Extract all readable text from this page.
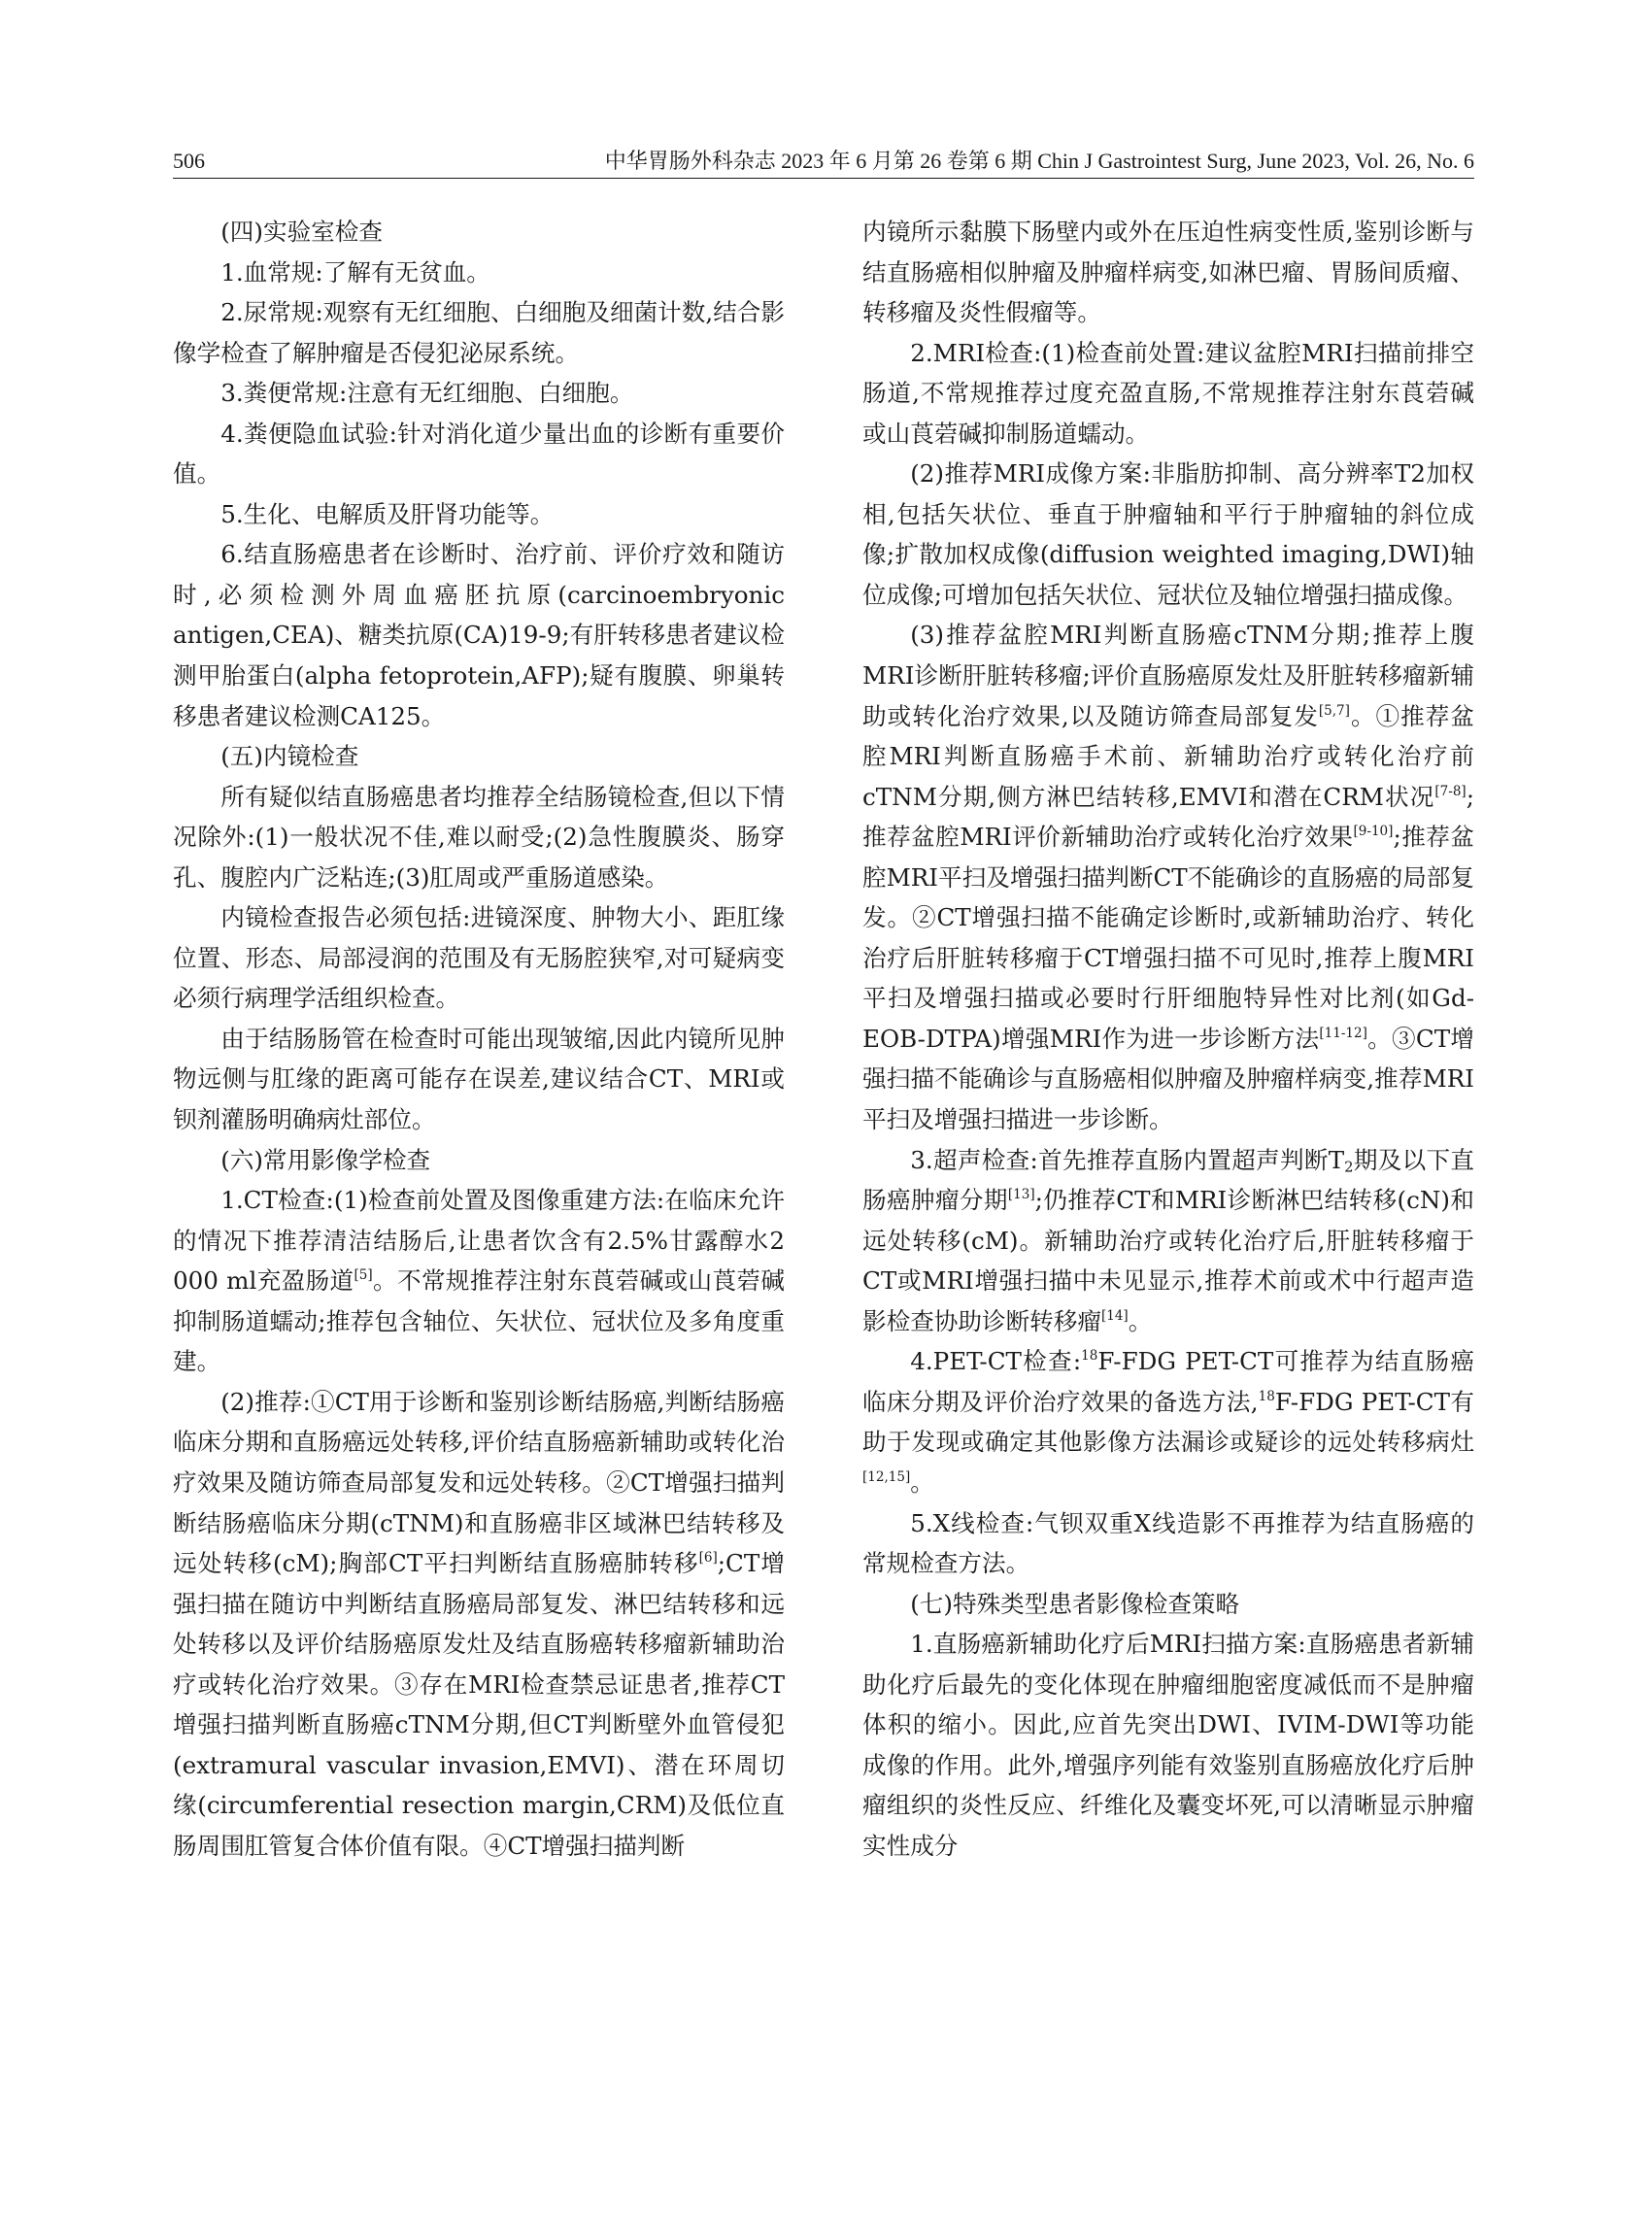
506	中华胃肠外科杂志 2023 年 6 月第 26 卷第 6 期 Chin J Gastrointest Surg, June 2023, Vol. 26, No. 6

(四)实验室检查

1.血常规:了解有无贫血。

2.尿常规:观察有无红细胞、白细胞及细菌计数,结合影像学检查了解肿瘤是否侵犯泌尿系统。

3.粪便常规:注意有无红细胞、白细胞。

4.粪便隐血试验:针对消化道少量出血的诊断有重要价值。

5.生化、电解质及肝肾功能等。

6.结直肠癌患者在诊断时、治疗前、评价疗效和随访时,必须检测外周血癌胚抗原(carcinoembryonic antigen,CEA)、糖类抗原(CA)19-9;有肝转移患者建议检测甲胎蛋白(alpha fetoprotein,AFP);疑有腹膜、卵巢转移患者建议检测CA125。

(五)内镜检查

所有疑似结直肠癌患者均推荐全结肠镜检查,但以下情况除外:(1)一般状况不佳,难以耐受;(2)急性腹膜炎、肠穿孔、腹腔内广泛粘连;(3)肛周或严重肠道感染。

内镜检查报告必须包括:进镜深度、肿物大小、距肛缘位置、形态、局部浸润的范围及有无肠腔狭窄,对可疑病变必须行病理学活组织检查。

由于结肠肠管在检查时可能出现皱缩,因此内镜所见肿物远侧与肛缘的距离可能存在误差,建议结合CT、MRI或钡剂灌肠明确病灶部位。

(六)常用影像学检查

1.CT检查:(1)检查前处置及图像重建方法:在临床允许的情况下推荐清洁结肠后,让患者饮含有2.5%甘露醇水2 000 ml充盈肠道[5]。不常规推荐注射东莨菪碱或山莨菪碱抑制肠道蠕动;推荐包含轴位、矢状位、冠状位及多角度重建。

(2)推荐:①CT用于诊断和鉴别诊断结肠癌,判断结肠癌临床分期和直肠癌远处转移,评价结直肠癌新辅助或转化治疗效果及随访筛查局部复发和远处转移。②CT增强扫描判断结肠癌临床分期(cTNM)和直肠癌非区域淋巴结转移及远处转移(cM);胸部CT平扫判断结直肠癌肺转移[6];CT增强扫描在随访中判断结直肠癌局部复发、淋巴结转移和远处转移以及评价结肠癌原发灶及结直肠癌转移瘤新辅助治疗或转化治疗效果。③存在MRI检查禁忌证患者,推荐CT增强扫描判断直肠癌cTNM分期,但CT判断壁外血管侵犯(extramural vascular invasion,EMVI)、潜在环周切缘(circumferential resection margin,CRM)及低位直肠周围肛管复合体价值有限。④CT增强扫描判断

内镜所示黏膜下肠壁内或外在压迫性病变性质,鉴别诊断与结直肠癌相似肿瘤及肿瘤样病变,如淋巴瘤、胃肠间质瘤、转移瘤及炎性假瘤等。

2.MRI检查:(1)检查前处置:建议盆腔MRI扫描前排空肠道,不常规推荐过度充盈直肠,不常规推荐注射东莨菪碱或山莨菪碱抑制肠道蠕动。

(2)推荐MRI成像方案:非脂肪抑制、高分辨率T2加权相,包括矢状位、垂直于肿瘤轴和平行于肿瘤轴的斜位成像;扩散加权成像(diffusion weighted imaging,DWI)轴位成像;可增加包括矢状位、冠状位及轴位增强扫描成像。

(3)推荐盆腔MRI判断直肠癌cTNM分期;推荐上腹MRI诊断肝脏转移瘤;评价直肠癌原发灶及肝脏转移瘤新辅助或转化治疗效果,以及随访筛查局部复发[5,7]。①推荐盆腔MRI判断直肠癌手术前、新辅助治疗或转化治疗前cTNM分期,侧方淋巴结转移,EMVI和潜在CRM状况[7-8];推荐盆腔MRI评价新辅助治疗或转化治疗效果[9-10];推荐盆腔MRI平扫及增强扫描判断CT不能确诊的直肠癌的局部复发。②CT增强扫描不能确定诊断时,或新辅助治疗、转化治疗后肝脏转移瘤于CT增强扫描不可见时,推荐上腹MRI平扫及增强扫描或必要时行肝细胞特异性对比剂(如Gd-EOB-DTPA)增强MRI作为进一步诊断方法[11-12]。③CT增强扫描不能确诊与直肠癌相似肿瘤及肿瘤样病变,推荐MRI平扫及增强扫描进一步诊断。

3.超声检查:首先推荐直肠内置超声判断$T_2$期及以下直肠癌肿瘤分期[13];仍推荐CT和MRI诊断淋巴结转移(cN)和远处转移(cM)。新辅助治疗或转化治疗后,肝脏转移瘤于CT或MRI增强扫描中未见显示,推荐术前或术中行超声造影检查协助诊断转移瘤[14]。

4.PET-CT检查:$^{18}$F-FDG PET-CT可推荐为结直肠癌临床分期及评价治疗效果的备选方法,$^{18}$F-FDG PET-CT有助于发现或确定其他影像方法漏诊或疑诊的远处转移病灶[12,15]。

5.X线检查:气钡双重X线造影不再推荐为结直肠癌的常规检查方法。

(七)特殊类型患者影像检查策略

1.直肠癌新辅助化疗后MRI扫描方案:直肠癌患者新辅助化疗后最先的变化体现在肿瘤细胞密度减低而不是肿瘤体积的缩小。因此,应首先突出DWI、IVIM-DWI等功能成像的作用。此外,增强序列能有效鉴别直肠癌放化疗后肿瘤组织的炎性反应、纤维化及囊变坏死,可以清晰显示肿瘤实性成分
